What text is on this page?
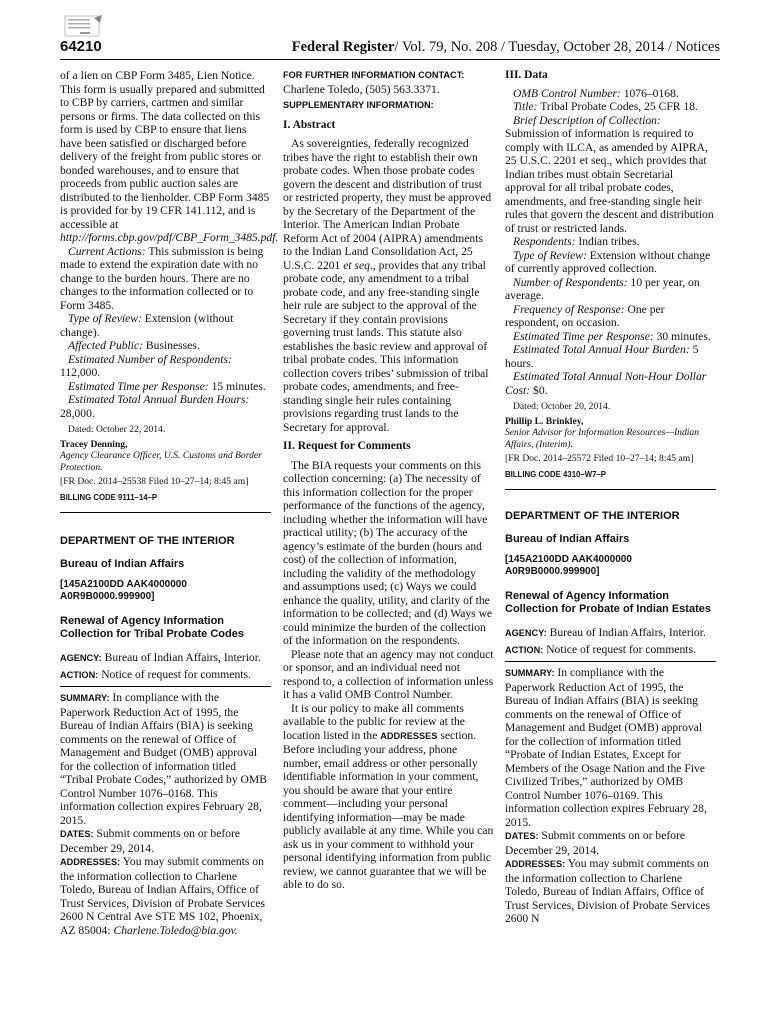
64210	Federal Register/ Vol. 79, No. 208 / Tuesday, October 28, 2014 / Notices

of a lien on CBP Form 3485, Lien Notice. This form is usually prepared and submitted to CBP by carriers, cartmen and similar persons or firms. The data collected on this form is used by CBP to ensure that liens have been satisfied or discharged before delivery of the freight from public stores or bonded warehouses, and to ensure that proceeds from public auction sales are distributed to the lienholder. CBP Form 3485 is provided for by 19 CFR 141.112, and is accessible at http://forms.cbp.gov/pdf/CBP_Form_3485.pdf.

Current Actions: This submission is being made to extend the expiration date with no change to the burden hours. There are no changes to the information collected or to Form 3485.

Type of Review: Extension (without change).

Affected Public: Businesses.

Estimated Number of Respondents: 112,000.

Estimated Time per Response: 15 minutes.

Estimated Total Annual Burden Hours: 28,000.

Dated: October 22, 2014.

Tracey Denning,

Agency Clearance Officer, U.S. Customs and Border Protection.

[FR Doc. 2014–25538 Filed 10–27–14; 8:45 am]

BILLING CODE 9111–14–P

DEPARTMENT OF THE INTERIOR

Bureau of Indian Affairs

[145A2100DD AAK4000000 A0R9B0000.999900]

Renewal of Agency Information Collection for Tribal Probate Codes

AGENCY: Bureau of Indian Affairs, Interior.

ACTION: Notice of request for comments.

SUMMARY: In compliance with the Paperwork Reduction Act of 1995, the Bureau of Indian Affairs (BIA) is seeking comments on the renewal of Office of Management and Budget (OMB) approval for the collection of information titled “Tribal Probate Codes,” authorized by OMB Control Number 1076–0168. This information collection expires February 28, 2015.

DATES: Submit comments on or before December 29, 2014.

ADDRESSES: You may submit comments on the information collection to Charlene Toledo, Bureau of Indian Affairs, Office of Trust Services, Division of Probate Services 2600 N Central Ave STE MS 102, Phoenix, AZ 85004: Charlene.Toledo@bia.gov.

FOR FURTHER INFORMATION CONTACT:

Charlene Toledo, (505) 563.3371.

SUPPLEMENTARY INFORMATION:

I. Abstract

As sovereignties, federally recognized tribes have the right to establish their own probate codes. When those probate codes govern the descent and distribution of trust or restricted property, they must be approved by the Secretary of the Department of the Interior. The American Indian Probate Reform Act of 2004 (AIPRA) amendments to the Indian Land Consolidation Act, 25 U.S.C. 2201 et seq., provides that any tribal probate code, any amendment to a tribal probate code, and any free-standing single heir rule are subject to the approval of the Secretary if they contain provisions governing trust lands. This statute also establishes the basic review and approval of tribal probate codes. This information collection covers tribes’ submission of tribal probate codes, amendments, and free-standing single heir rules containing provisions regarding trust lands to the Secretary for approval.

II. Request for Comments

The BIA requests your comments on this collection concerning: (a) The necessity of this information collection for the proper performance of the functions of the agency, including whether the information will have practical utility; (b) The accuracy of the agency’s estimate of the burden (hours and cost) of the collection of information, including the validity of the methodology and assumptions used; (c) Ways we could enhance the quality, utility, and clarity of the information to be collected; and (d) Ways we could minimize the burden of the collection of the information on the respondents.

Please note that an agency may not conduct or sponsor, and an individual need not respond to, a collection of information unless it has a valid OMB Control Number.

It is our policy to make all comments available to the public for review at the location listed in the ADDRESSES section. Before including your address, phone number, email address or other personally identifiable information in your comment, you should be aware that your entire comment—including your personal identifying information—may be made publicly available at any time. While you can ask us in your comment to withhold your personal identifying information from public review, we cannot guarantee that we will be able to do so.

III. Data

OMB Control Number: 1076–0168.

Title: Tribal Probate Codes, 25 CFR 18.

Brief Description of Collection: Submission of information is required to comply with ILCA, as amended by AIPRA, 25 U.S.C. 2201 et seq., which provides that Indian tribes must obtain Secretarial approval for all tribal probate codes, amendments, and free-standing single heir rules that govern the descent and distribution of trust or restricted lands.

Respondents: Indian tribes.

Type of Review: Extension without change of currently approved collection.

Number of Respondents: 10 per year, on average.

Frequency of Response: One per respondent, on occasion.

Estimated Time per Response: 30 minutes.

Estimated Total Annual Hour Burden: 5 hours.

Estimated Total Annual Non-Hour Dollar Cost: $0.

Dated: October 20, 2014.

Phillip L. Brinkley,

Senior Advisor for Information Resources—Indian Affairs, (Interim).

[FR Doc. 2014–25572 Filed 10–27–14; 8:45 am]

BILLING CODE 4310–W7–P

DEPARTMENT OF THE INTERIOR

Bureau of Indian Affairs

[145A2100DD AAK4000000 A0R9B0000.999900]

Renewal of Agency Information Collection for Probate of Indian Estates

AGENCY: Bureau of Indian Affairs, Interior.

ACTION: Notice of request for comments.

SUMMARY: In compliance with the Paperwork Reduction Act of 1995, the Bureau of Indian Affairs (BIA) is seeking comments on the renewal of Office of Management and Budget (OMB) approval for the collection of information titled “Probate of Indian Estates, Except for Members of the Osage Nation and the Five Civilized Tribes,” authorized by OMB Control Number 1076–0169. This information collection expires February 28, 2015.

DATES: Submit comments on or before December 29, 2014.

ADDRESSES: You may submit comments on the information collection to Charlene Toledo, Bureau of Indian Affairs, Office of Trust Services, Division of Probate Services 2600 N
